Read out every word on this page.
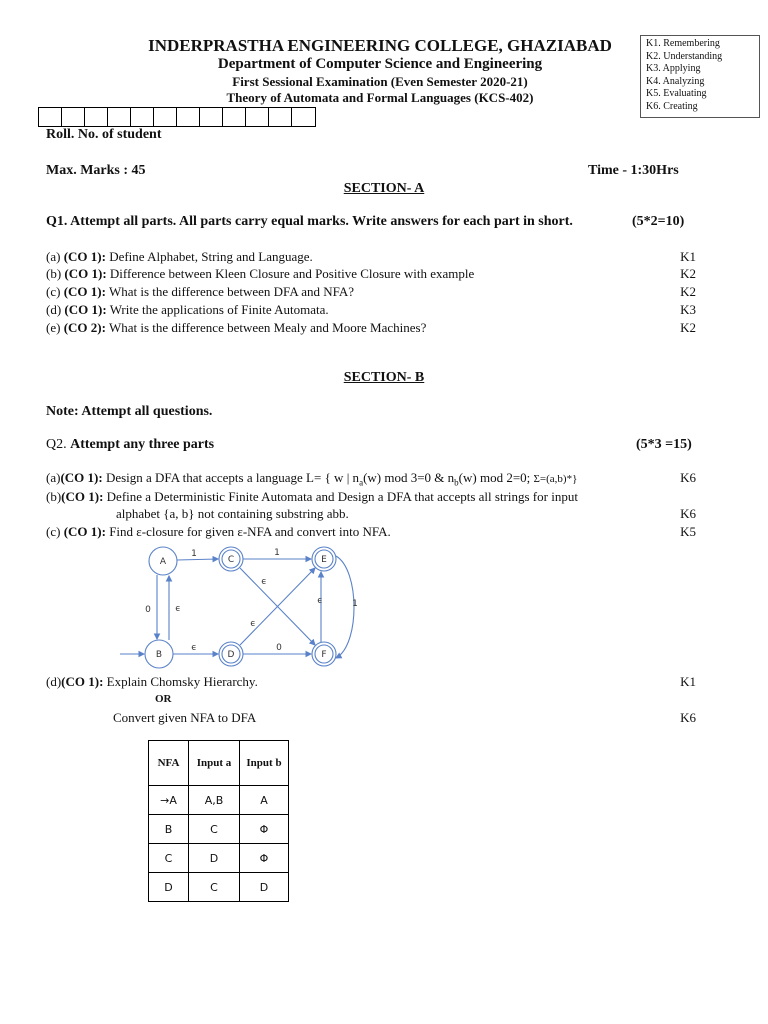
INDERPRASTHA ENGINEERING COLLEGE, GHAZIABAD
Department of Computer Science and Engineering
First Sessional Examination (Even Semester 2020-21)
Theory of Automata and Formal Languages (KCS-402)
K1. Remembering
K2. Understanding
K3. Applying
K4. Analyzing
K5. Evaluating
K6. Creating
Roll. No. of student
Max. Marks : 45	Time - 1:30Hrs
SECTION- A
Q1. Attempt all parts. All parts carry equal marks. Write answers for each part in short.	(5*2=10)
(a) (CO 1): Define Alphabet, String and Language.	K1
(b) (CO 1): Difference between Kleen Closure and Positive Closure with example	K2
(c) (CO 1): What is the difference between DFA and NFA?	K2
(d) (CO 1): Write the applications of Finite Automata.	K3
(e) (CO 2): What is the difference between Mealy and Moore Machines?	K2
SECTION- B
Note: Attempt all questions.
Q2. Attempt any three parts	(5*3 =15)
(a)(CO 1): Design a DFA that accepts a language L= { w | $n_a(w)$ mod 3=0 & $n_b(w)$ mod 2=0; Σ=(a,b)*}	K6
(b)(CO 1): Define a Deterministic Finite Automata and Design a DFA that accepts all strings for input
alphabet {a, b} not containing substring abb.	K6
(c) (CO 1): Find ε-closure for given ε-NFA and convert into NFA.	K5
A	C	E
B	D	F
1	1
0	ϵ
ϵ
ϵ
ϵ
ϵ
0
1
(d)(CO 1): Explain Chomsky Hierarchy.	K1
OR
Convert given NFA to DFA	K6
NFA	Input a	Input b
→A	A,B	A
B	C	Φ
C	D	Φ
D	C	D
